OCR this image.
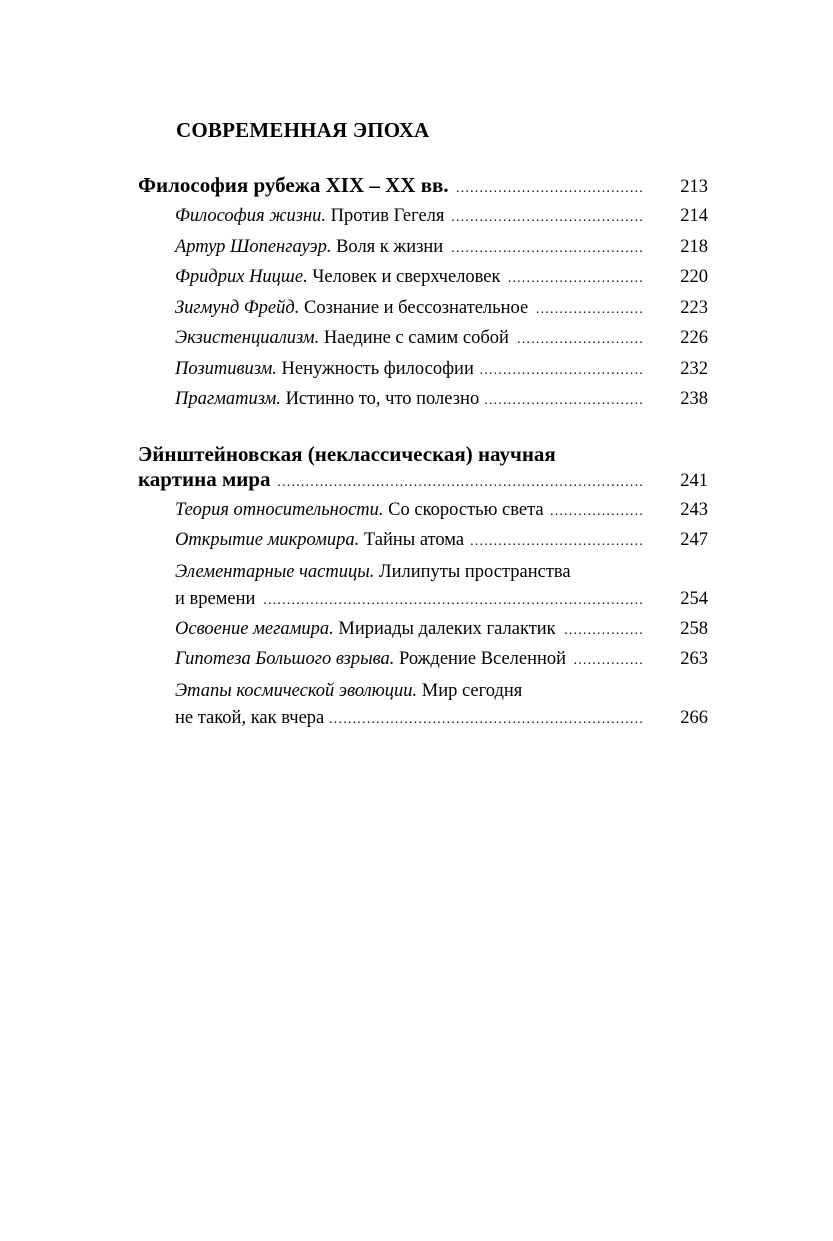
СОВРЕМЕННАЯ ЭПОХА
Философия рубежа XIX – XX вв. .....	213
Философия жизни. Против Гегеля .....	214
Артур Шопенгауэр. Воля к жизни .....	218
Фридрих Ницше. Человек и сверхчеловек .....	220
Зигмунд Фрейд. Сознание и бессознательное .....	223
Экзистенциализм. Наедине с самим собой .....	226
Позитивизм. Ненужность философии .....	232
Прагматизм. Истинно то, что полезно .....	238
Эйнштейновская (неклассическая) научная
картина мира .....	241
Теория относительности. Со скоростью света .....	243
Открытие микромира. Тайны атома .....	247
Элементарные частицы. Лилипуты пространства
и времени .....	254
Освоение мегамира. Мириады далеких галактик .....	258
Гипотеза Большого взрыва. Рождение Вселенной .....	263
Этапы космической эволюции. Мир сегодня
не такой, как вчера .....	266
